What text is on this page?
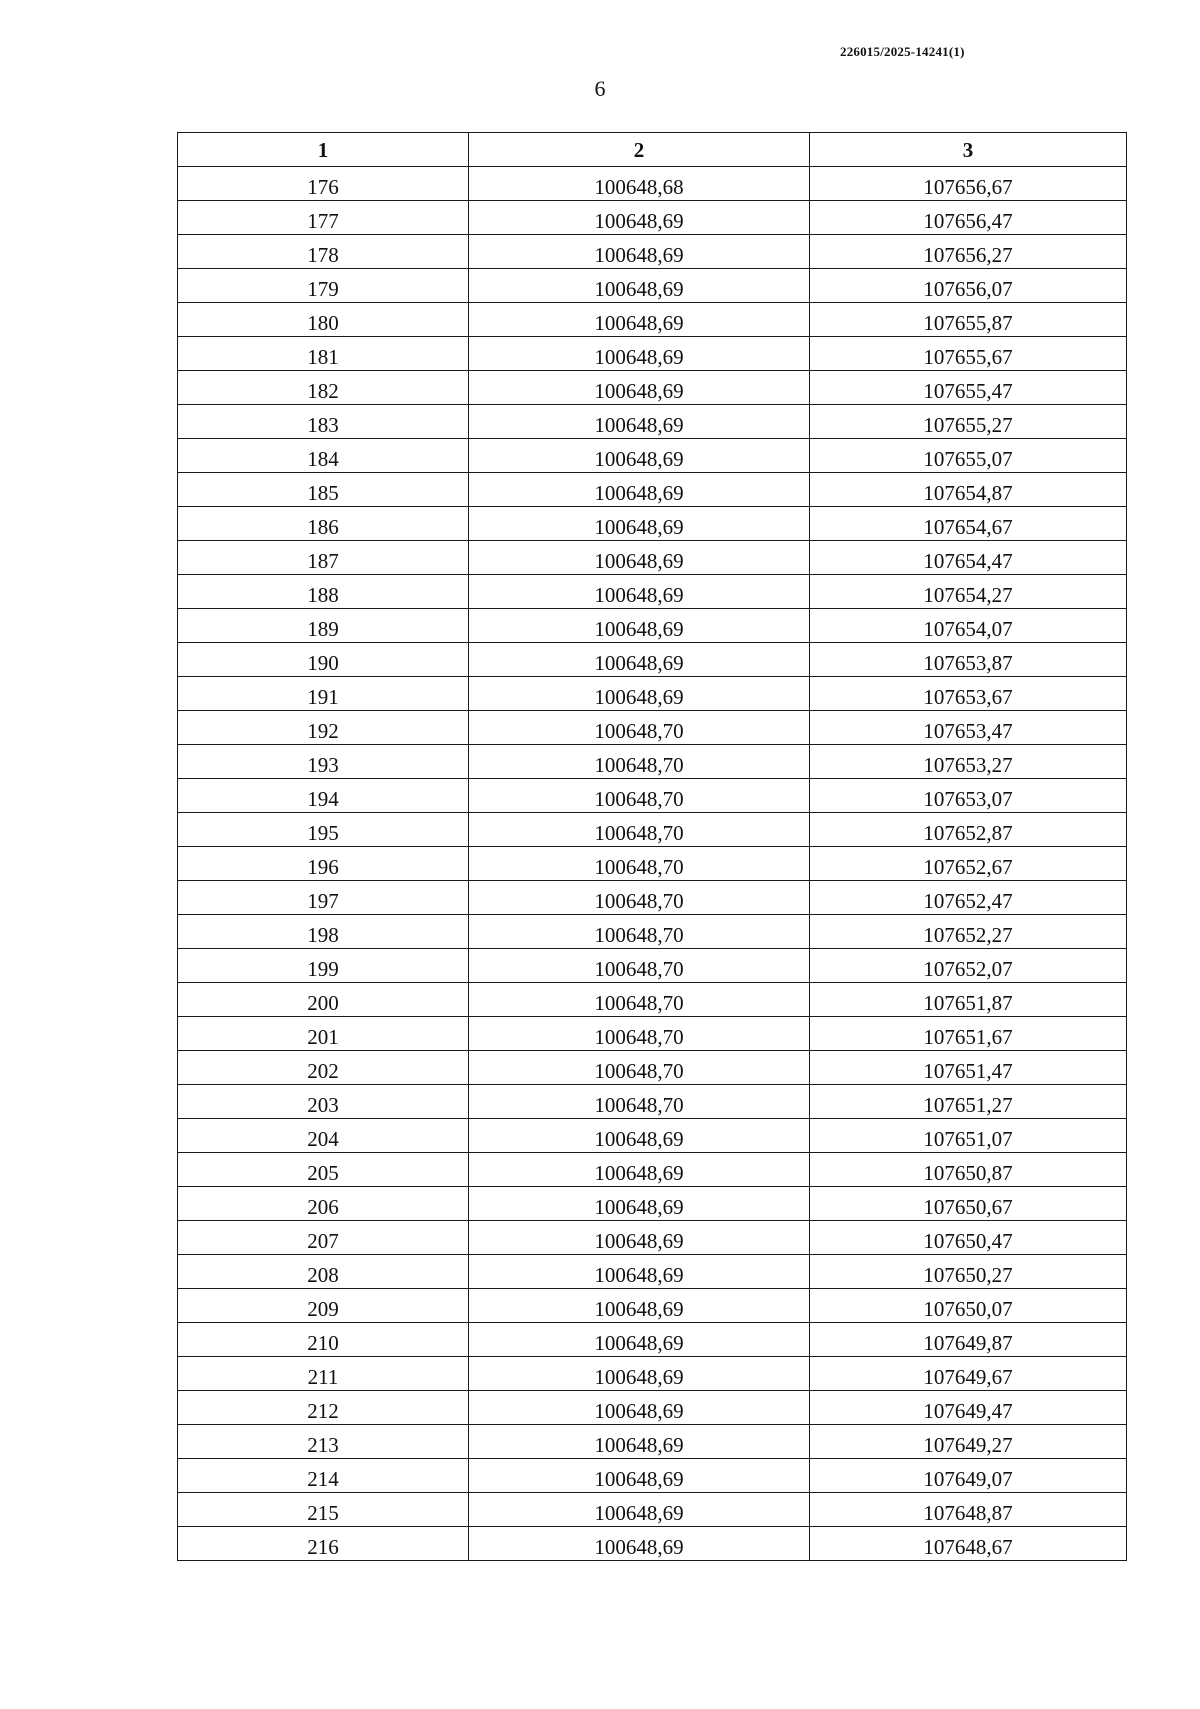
226015/2025-14241(1)
6
1	2	3
176	100648,68	107656,67
177	100648,69	107656,47
178	100648,69	107656,27
179	100648,69	107656,07
180	100648,69	107655,87
181	100648,69	107655,67
182	100648,69	107655,47
183	100648,69	107655,27
184	100648,69	107655,07
185	100648,69	107654,87
186	100648,69	107654,67
187	100648,69	107654,47
188	100648,69	107654,27
189	100648,69	107654,07
190	100648,69	107653,87
191	100648,69	107653,67
192	100648,70	107653,47
193	100648,70	107653,27
194	100648,70	107653,07
195	100648,70	107652,87
196	100648,70	107652,67
197	100648,70	107652,47
198	100648,70	107652,27
199	100648,70	107652,07
200	100648,70	107651,87
201	100648,70	107651,67
202	100648,70	107651,47
203	100648,70	107651,27
204	100648,69	107651,07
205	100648,69	107650,87
206	100648,69	107650,67
207	100648,69	107650,47
208	100648,69	107650,27
209	100648,69	107650,07
210	100648,69	107649,87
211	100648,69	107649,67
212	100648,69	107649,47
213	100648,69	107649,27
214	100648,69	107649,07
215	100648,69	107648,87
216	100648,69	107648,67
